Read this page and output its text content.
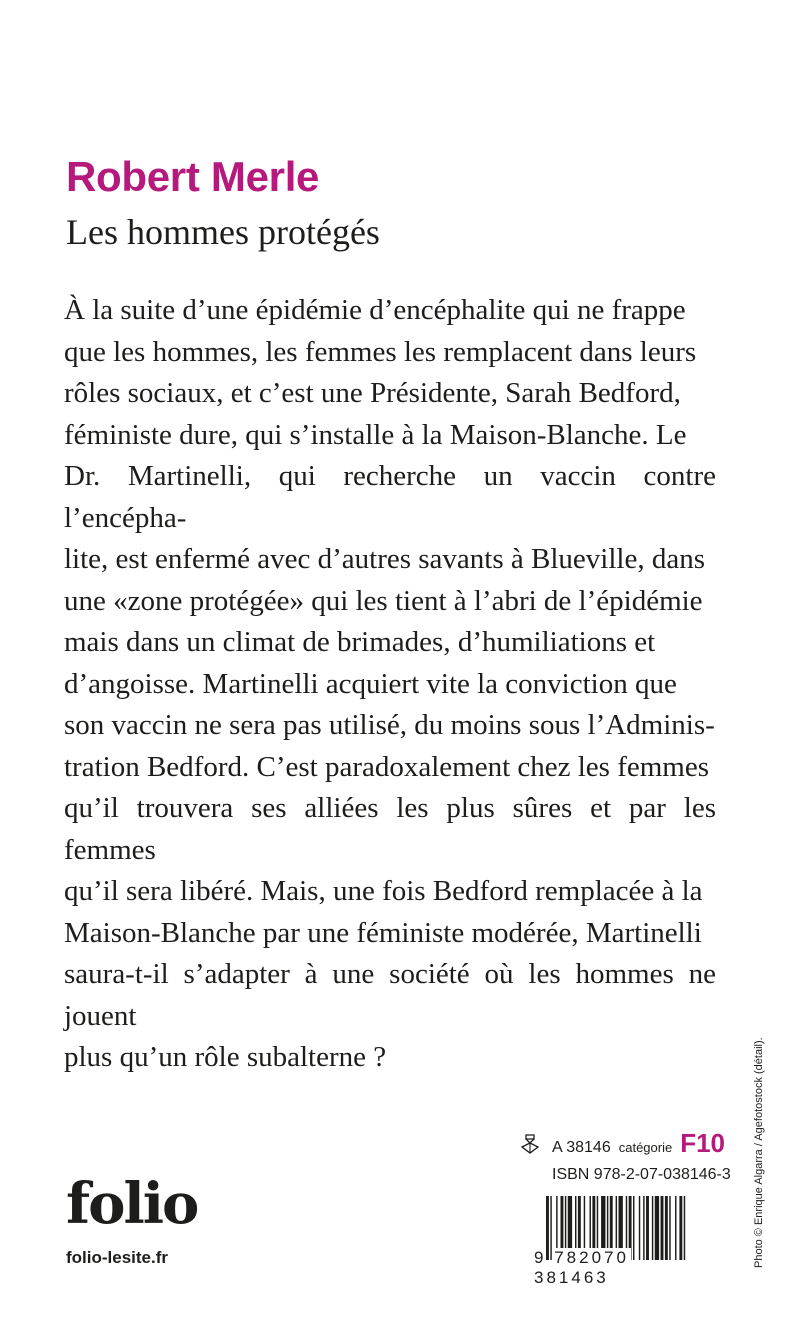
Robert Merle
Les hommes protégés

À la suite d’une épidémie d’encéphalite qui ne frappe
que les hommes, les femmes les remplacent dans leurs
rôles sociaux, et c’est une Présidente, Sarah Bedford,
féministe dure, qui s’installe à la Maison-Blanche. Le
Dr. Martinelli, qui recherche un vaccin contre l’encépha-
lite, est enfermé avec d’autres savants à Blueville, dans
une «zone protégée» qui les tient à l’abri de l’épidémie
mais dans un climat de brimades, d’humiliations et
d’angoisse. Martinelli acquiert vite la conviction que
son vaccin ne sera pas utilisé, du moins sous l’Adminis-
tration Bedford. C’est paradoxalement chez les femmes
qu’il trouvera ses alliées les plus sûres et par les femmes
qu’il sera libéré. Mais, une fois Bedford remplacée à la
Maison-Blanche par une féministe modérée, Martinelli
saura-t-il s’adapter à une société où les hommes ne jouent
plus qu’un rôle subalterne ?	Photo © Enrique Algarra / Agefotostock (détail).
A 38146 catégorie F10
ISBN 978-2-07-038146-3
9 782070 381463
folio
folio-lesite.fr
